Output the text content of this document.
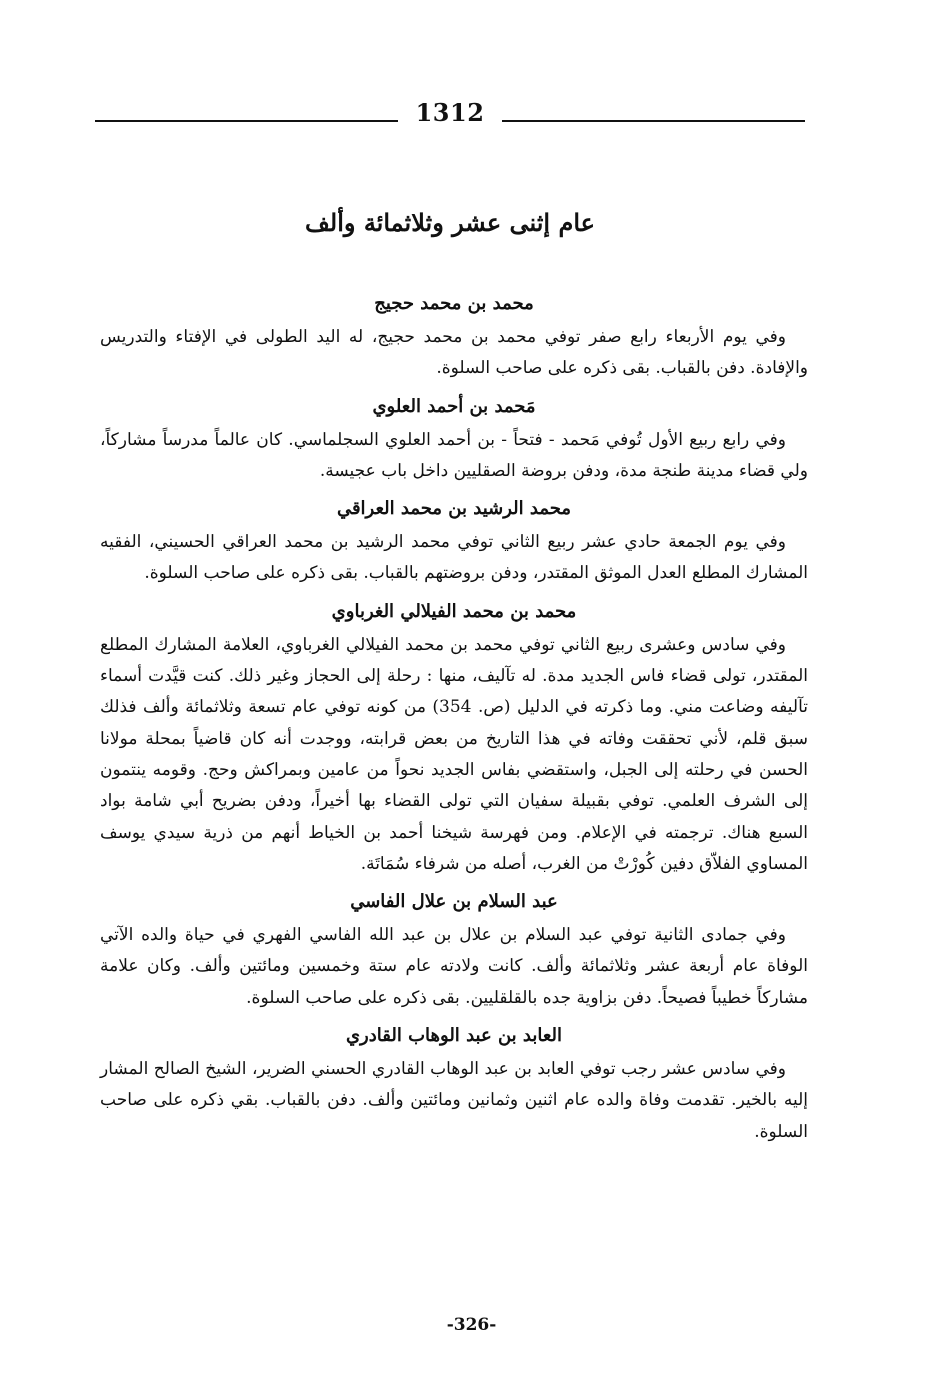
1312
عام إثنى عشر وثلاثمائة وألف
محمد بن محمد حجيج
وفي يوم الأربعاء رابع صفر توفي محمد بن محمد حجيج، له اليد الطولى في الإفتاء والتدريس والإفادة. دفن بالقباب. بقى ذكره على صاحب السلوة.
مَحمد بن أحمد العلوي
وفي رابع ربيع الأول تُوفي مَحمد - فتحاً - بن أحمد العلوي السجلماسي. كان عالماً مدرساً مشاركاً، ولي قضاء مدينة طنجة مدة، ودفن بروضة الصقليين داخل باب عجيسة.
محمد الرشيد بن محمد العراقي
وفي يوم الجمعة حادي عشر ربيع الثاني توفي محمد الرشيد بن محمد العراقي الحسيني، الفقيه المشارك المطلع العدل الموثق المقتدر، ودفن بروضتهم بالقباب. بقى ذكره على صاحب السلوة.
محمد بن محمد الفيلالي الغرباوي
وفي سادس وعشرى ربيع الثاني توفي محمد بن محمد الفيلالي الغرباوي، العلامة المشارك المطلع المقتدر، تولى قضاء فاس الجديد مدة. له تآليف، منها : رحلة إلى الحجاز وغير ذلك. كنت قيَّدت أسماء تآليفه وضاعت مني. وما ذكرته في الدليل (ص. 354) من كونه توفي عام تسعة وثلاثمائة وألف فذلك سبق قلم، لأني تحققت وفاته في هذا التاريخ من بعض قرابته، ووجدت أنه كان قاضياً بمحلة مولانا الحسن في رحلته إلى الجبل، واستقضي بفاس الجديد نحواً من عامين وبمراكش وحج. وقومه ينتمون إلى الشرف العلمي. توفي بقبيلة سفيان التي تولى القضاء بها أخيراً، ودفن بضريح أبي شامة بواد السبع هناك. ترجمته في الإعلام. ومن فهرسة شيخنا أحمد بن الخياط أنهم من ذرية سيدي يوسف المساوي الفلاّق دفين كُورْتْ من الغرب، أصله من شرفاء سُمَاتَة.
عبد السلام بن علال الفاسي
وفي جمادى الثانية توفي عبد السلام بن علال بن عبد الله الفاسي الفهري في حياة والده الآتي الوفاة عام أربعة عشر وثلاثمائة وألف. كانت ولادته عام ستة وخمسين ومائتين وألف. وكان علامة مشاركاً خطيباً فصيحاً. دفن بزاوية جده بالقلقليين. بقى ذكره على صاحب السلوة.
العابد بن عبد الوهاب القادري
وفي سادس عشر رجب توفي العابد بن عبد الوهاب القادري الحسني الضرير، الشيخ الصالح المشار إليه بالخير. تقدمت وفاة والده عام اثنين وثمانين ومائتين وألف. دفن بالقباب. بقي ذكره على صاحب السلوة.
-326-
